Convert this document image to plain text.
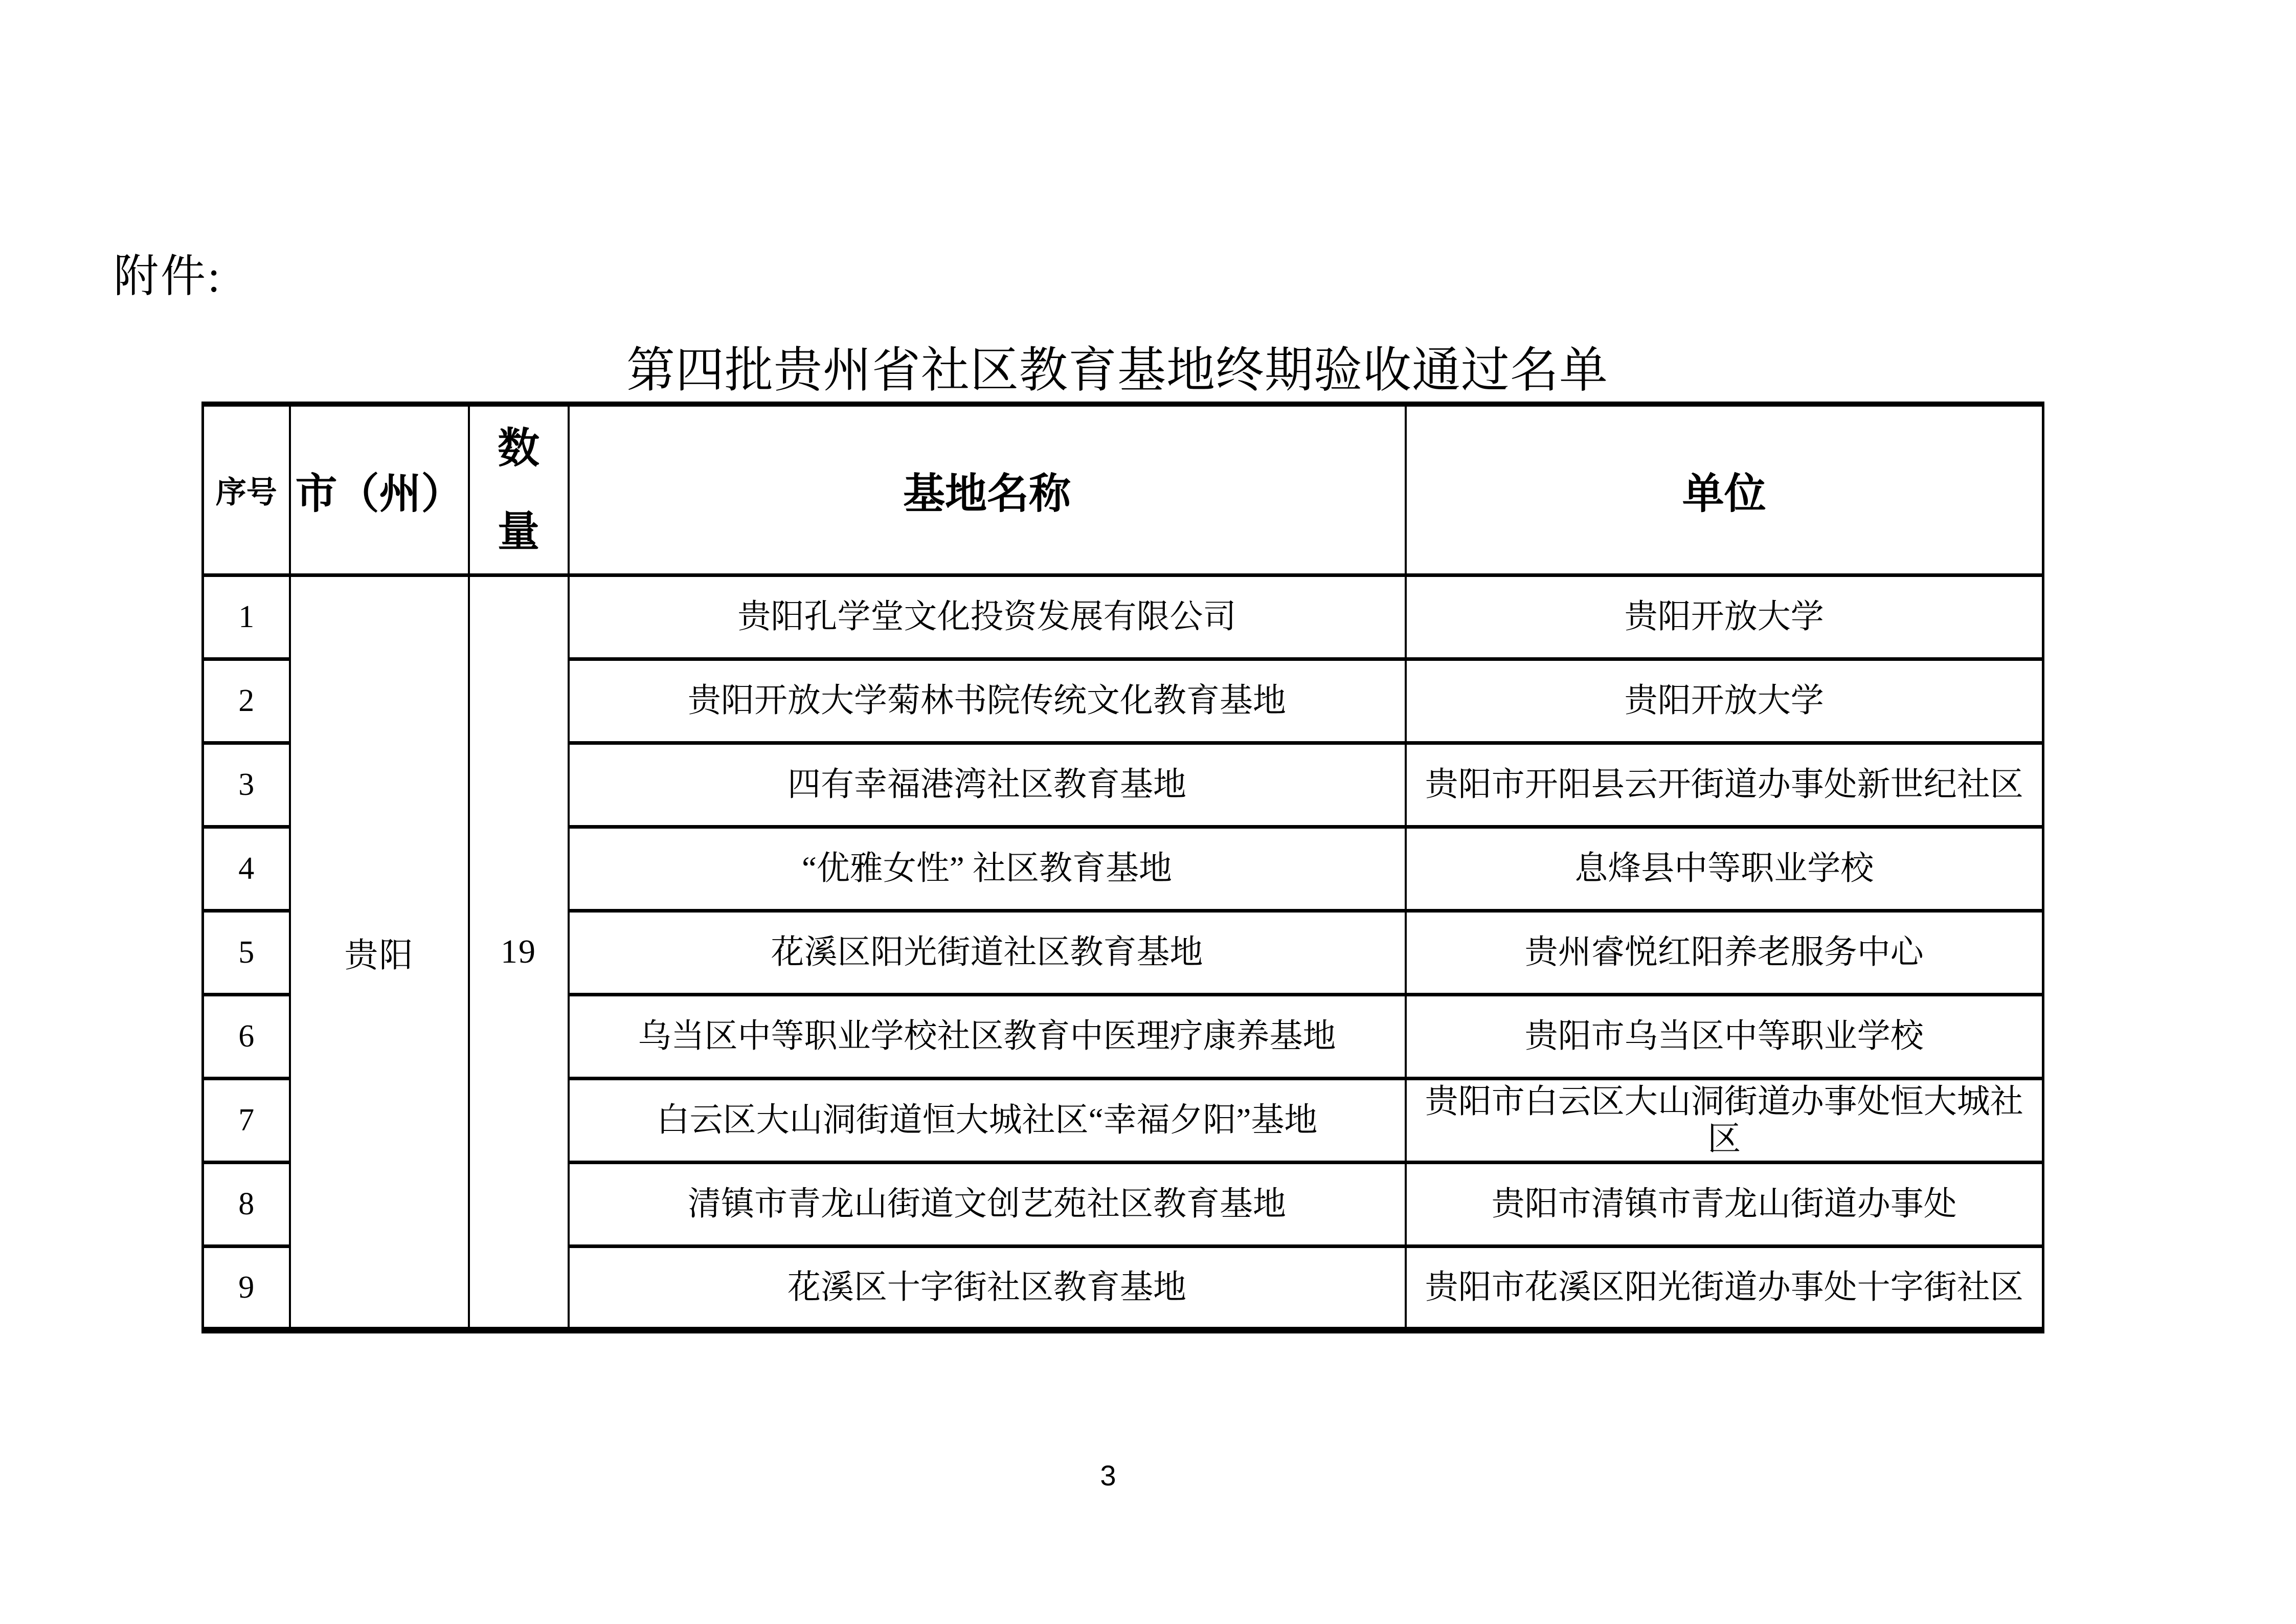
附件:
第四批贵州省社区教育基地终期验收通过名单
序号	市（州）	数量	基地名称	单位
1	贵阳	19	贵阳孔学堂文化投资发展有限公司	贵阳开放大学
2			贵阳开放大学菊林书院传统文化教育基地	贵阳开放大学
3			四有幸福港湾社区教育基地	贵阳市开阳县云开街道办事处新世纪社区
4			“优雅女性” 社区教育基地	息烽县中等职业学校
5			花溪区阳光街道社区教育基地	贵州睿悦红阳养老服务中心
6			乌当区中等职业学校社区教育中医理疗康养基地	贵阳市乌当区中等职业学校
7			白云区大山洞街道恒大城社区“幸福夕阳”基地	贵阳市白云区大山洞街道办事处恒大城社区
8			清镇市青龙山街道文创艺苑社区教育基地	贵阳市清镇市青龙山街道办事处
9			花溪区十字街社区教育基地	贵阳市花溪区阳光街道办事处十字街社区
3
